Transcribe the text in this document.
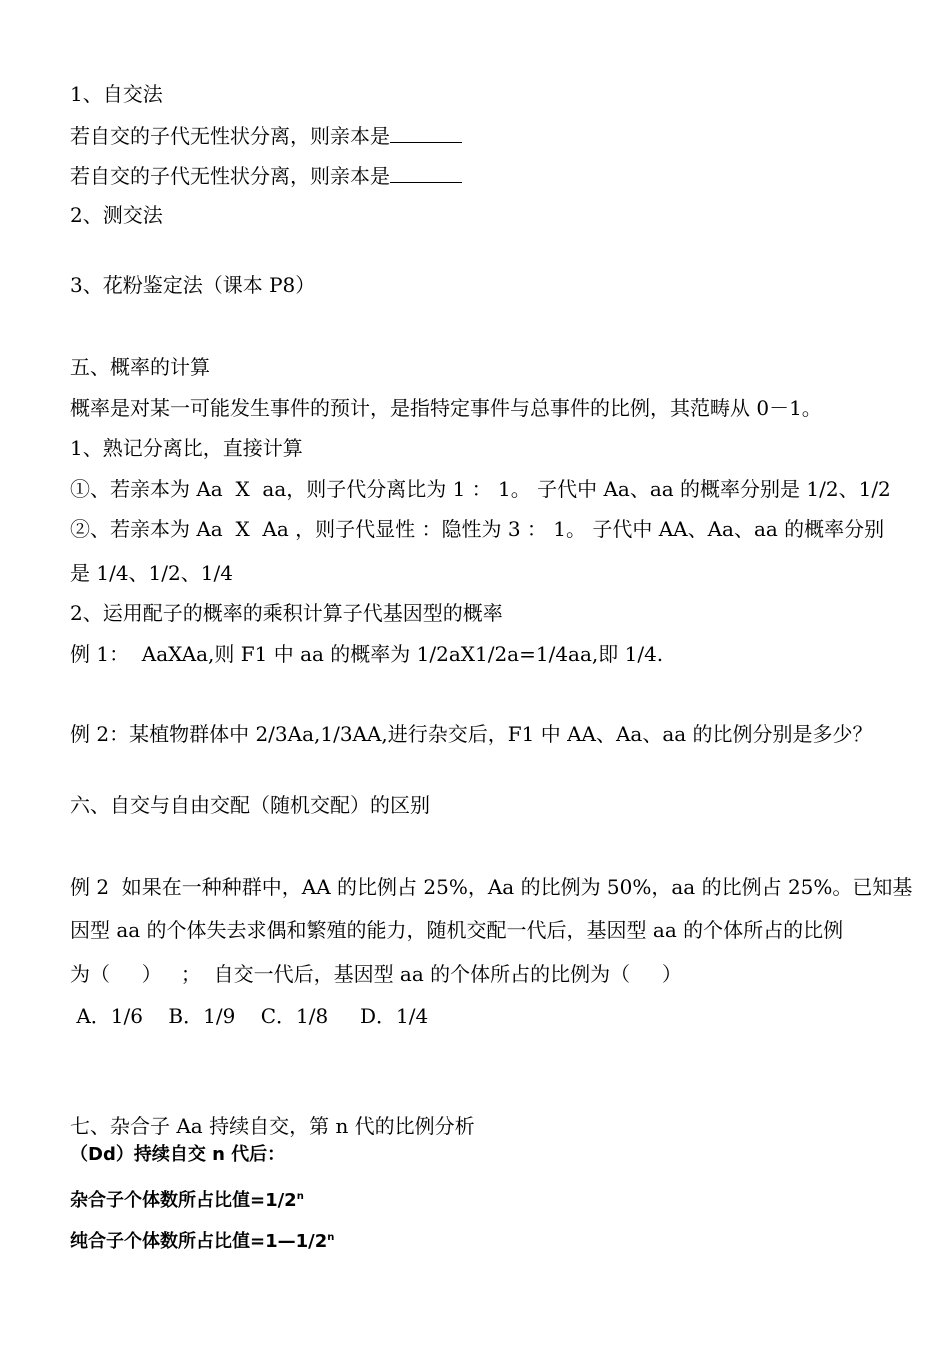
1、自交法
若自交的子代无性状分离，则亲本是
若自交的子代无性状分离，则亲本是
2、测交法
3、花粉鉴定法（课本 P8）
五、概率的计算
概率是对某一可能发生事件的预计，是指特定事件与总事件的比例，其范畴从 0－1。
1、熟记分离比，直接计算
①、若亲本为 Aa  X  aa，则子代分离比为 1 ： 1。 子代中 Aa、aa 的概率分别是 1/2、1/2
②、若亲本为 Aa  X  Aa ，则子代显性 ：隐性为 3 ： 1。 子代中 AA、Aa、aa 的概率分别
是 1/4、1/2、1/4
2、运用配子的概率的乘积计算子代基因型的概率
例 1：  AaXAa,则 F1 中 aa 的概率为 1/2aX1/2a=1/4aa,即 1/4.
例 2：某植物群体中 2/3Aa,1/3AA,进行杂交后，F1 中 AA、Aa、aa 的比例分别是多少？
六、自交与自由交配（随机交配）的区别
例 2  如果在一种种群中，AA 的比例占 25%，Aa 的比例为 50%，aa 的比例占 25%。已知基
因型 aa 的个体失去求偶和繁殖的能力，随机交配一代后，基因型 aa 的个体所占的比例
为（     ）   ；  自交一代后，基因型 aa 的个体所占的比例为（     ）
A．1/6    B．1/9    C．1/8     D．1/4
七、杂合子 Aa 持续自交，第 n 代的比例分析
（Dd）持续自交 n 代后：
杂合子个体数所占比值$=1/2^n$
纯合子个体数所占比值$=1—1/2^n$
